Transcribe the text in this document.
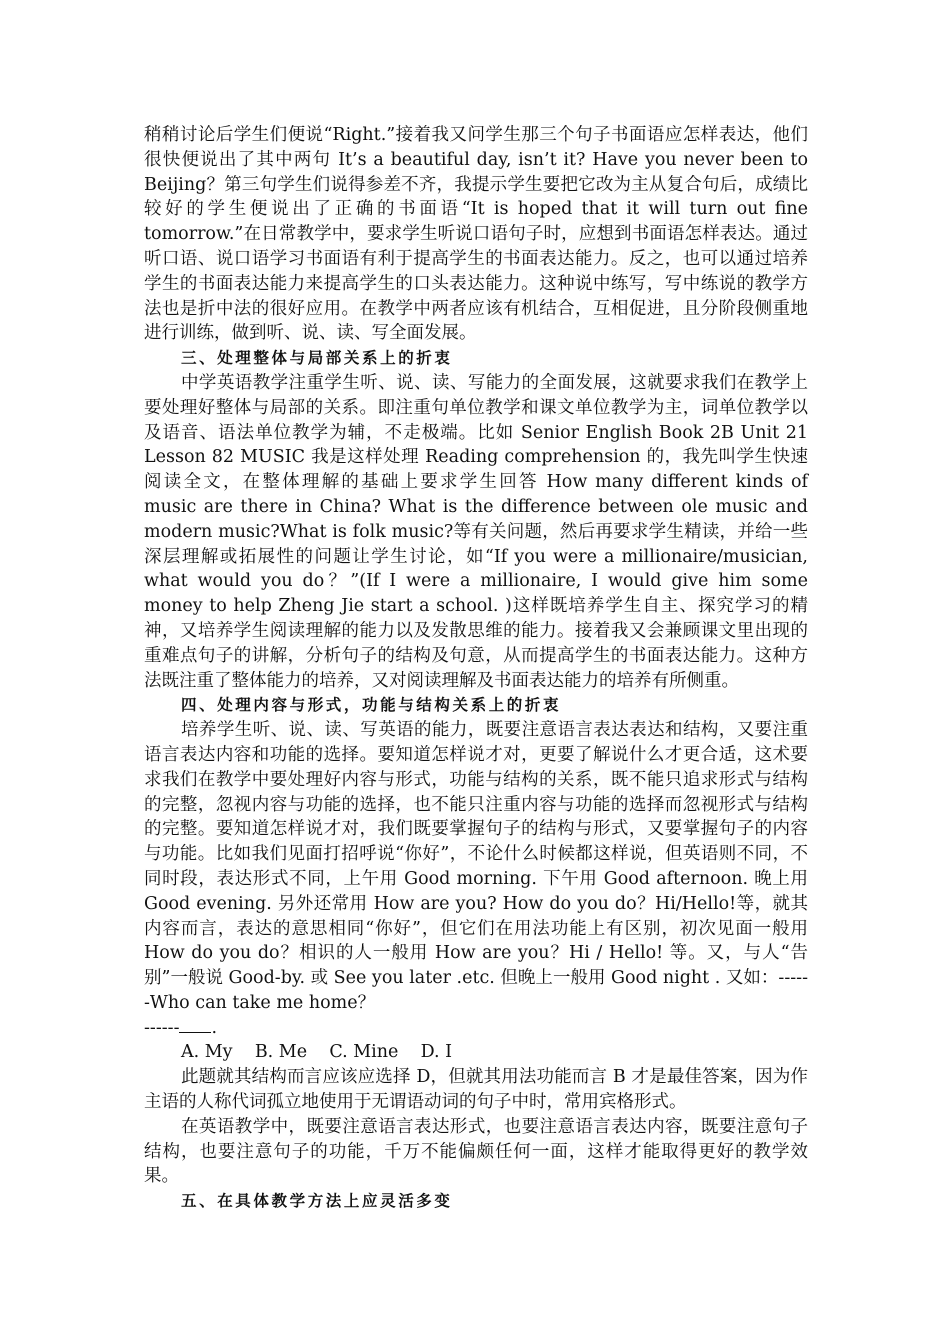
稍稍讨论后学生们便说“Right.”接着我又问学生那三个句子书面语应怎样表达，他们很快便说出了其中两句 It’s a beautiful day, isn’t it? Have you never been to Beijing？第三句学生们说得参差不齐，我提示学生要把它改为主从复合句后，成绩比较好的学生便说出了正确的书面语“It is hoped that it will turn out fine tomorrow.”在日常教学中，要求学生听说口语句子时，应想到书面语怎样表达。通过听口语、说口语学习书面语有利于提高学生的书面表达能力。反之，也可以通过培养学生的书面表达能力来提高学生的口头表达能力。这种说中练写，写中练说的教学方法也是折中法的很好应用。在教学中两者应该有机结合，互相促进，且分阶段侧重地进行训练，做到听、说、读、写全面发展。

三、处理整体与局部关系上的折衷

中学英语教学注重学生听、说、读、写能力的全面发展，这就要求我们在教学上要处理好整体与局部的关系。即注重句单位教学和课文单位教学为主，词单位教学以及语音、语法单位教学为辅，不走极端。比如 Senior English Book 2B Unit 21 Lesson 82 MUSIC 我是这样处理 Reading comprehension 的，我先叫学生快速阅读全文，在整体理解的基础上要求学生回答 How many different kinds of music are there in China? What is the difference between ole music and modern music?What is folk music?等有关问题，然后再要求学生精读，并给一些深层理解或拓展性的问题让学生讨论，如“If you were a millionaire/musician, what would you do？”(If I were a millionaire, I would give him some money to help Zheng Jie start a school. )这样既培养学生自主、探究学习的精神，又培养学生阅读理解的能力以及发散思维的能力。接着我又会兼顾课文里出现的重难点句子的讲解，分析句子的结构及句意，从而提高学生的书面表达能力。这种方法既注重了整体能力的培养，又对阅读理解及书面表达能力的培养有所侧重。

四、处理内容与形式，功能与结构关系上的折衷

培养学生听、说、读、写英语的能力，既要注意语言表达表达和结构，又要注重语言表达内容和功能的选择。要知道怎样说才对，更要了解说什么才更合适，这术要求我们在教学中要处理好内容与形式，功能与结构的关系，既不能只追求形式与结构的完整，忽视内容与功能的选择，也不能只注重内容与功能的选择而忽视形式与结构的完整。要知道怎样说才对，我们既要掌握句子的结构与形式，又要掌握句子的内容与功能。比如我们见面打招呼说“你好”，不论什么时候都这样说，但英语则不同，不同时段，表达形式不同，上午用 Good morning. 下午用 Good afternoon. 晚上用 Good evening. 另外还常用 How are you? How do you do？Hi/Hello!等，就其内容而言，表达的意思相同“你好”，但它们在用法功能上有区别，初次见面一般用 How do you do？相识的人一般用 How are you？Hi / Hello! 等。又，与人“告别”一般说 Good-by. 或 See you later .etc. 但晚上一般用 Good night . 又如：------Who can take me home？

------ .

A. My    B. Me    C. Mine    D. I

此题就其结构而言应该应选择 D，但就其用法功能而言 B 才是最佳答案，因为作主语的人称代词孤立地使用于无谓语动词的句子中时，常用宾格形式。

在英语教学中，既要注意语言表达形式，也要注意语言表达内容，既要注意句子结构，也要注意句子的功能，千万不能偏颇任何一面，这样才能取得更好的教学效果。

五、在具体教学方法上应灵活多变
